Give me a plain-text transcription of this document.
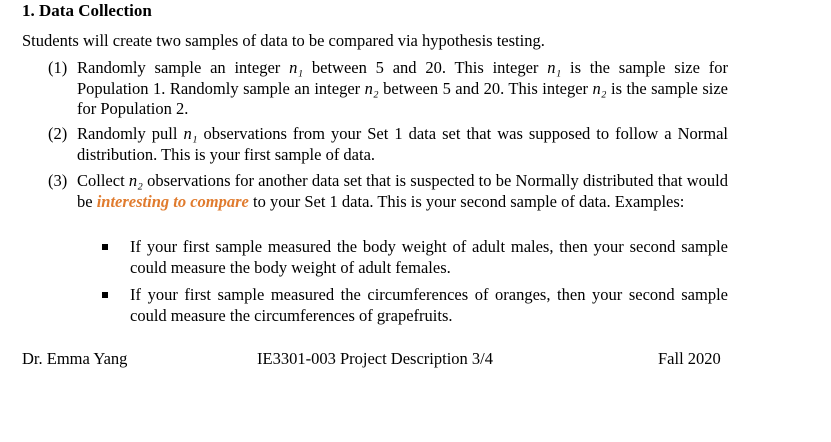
1. Data Collection

Students will create two samples of data to be compared via hypothesis testing.

(1) Randomly sample an integer n₁ between 5 and 20. This integer n₁ is the sample size for Population 1. Randomly sample an integer n₂ between 5 and 20. This integer n₂ is the sample size for Population 2.
(2) Randomly pull n₁ observations from your Set 1 data set that was supposed to follow a Normal distribution. This is your first sample of data.
(3) Collect n₂ observations for another data set that is suspected to be Normally distributed that would be interesting to compare to your Set 1 data. This is your second sample of data. Examples:
If your first sample measured the body weight of adult males, then your second sample could measure the body weight of adult females.
If your first sample measured the circumferences of oranges, then your second sample could measure the circumferences of grapefruits.
Dr. Emma Yang	IE3301-003 Project Description 3/4	Fall 2020
